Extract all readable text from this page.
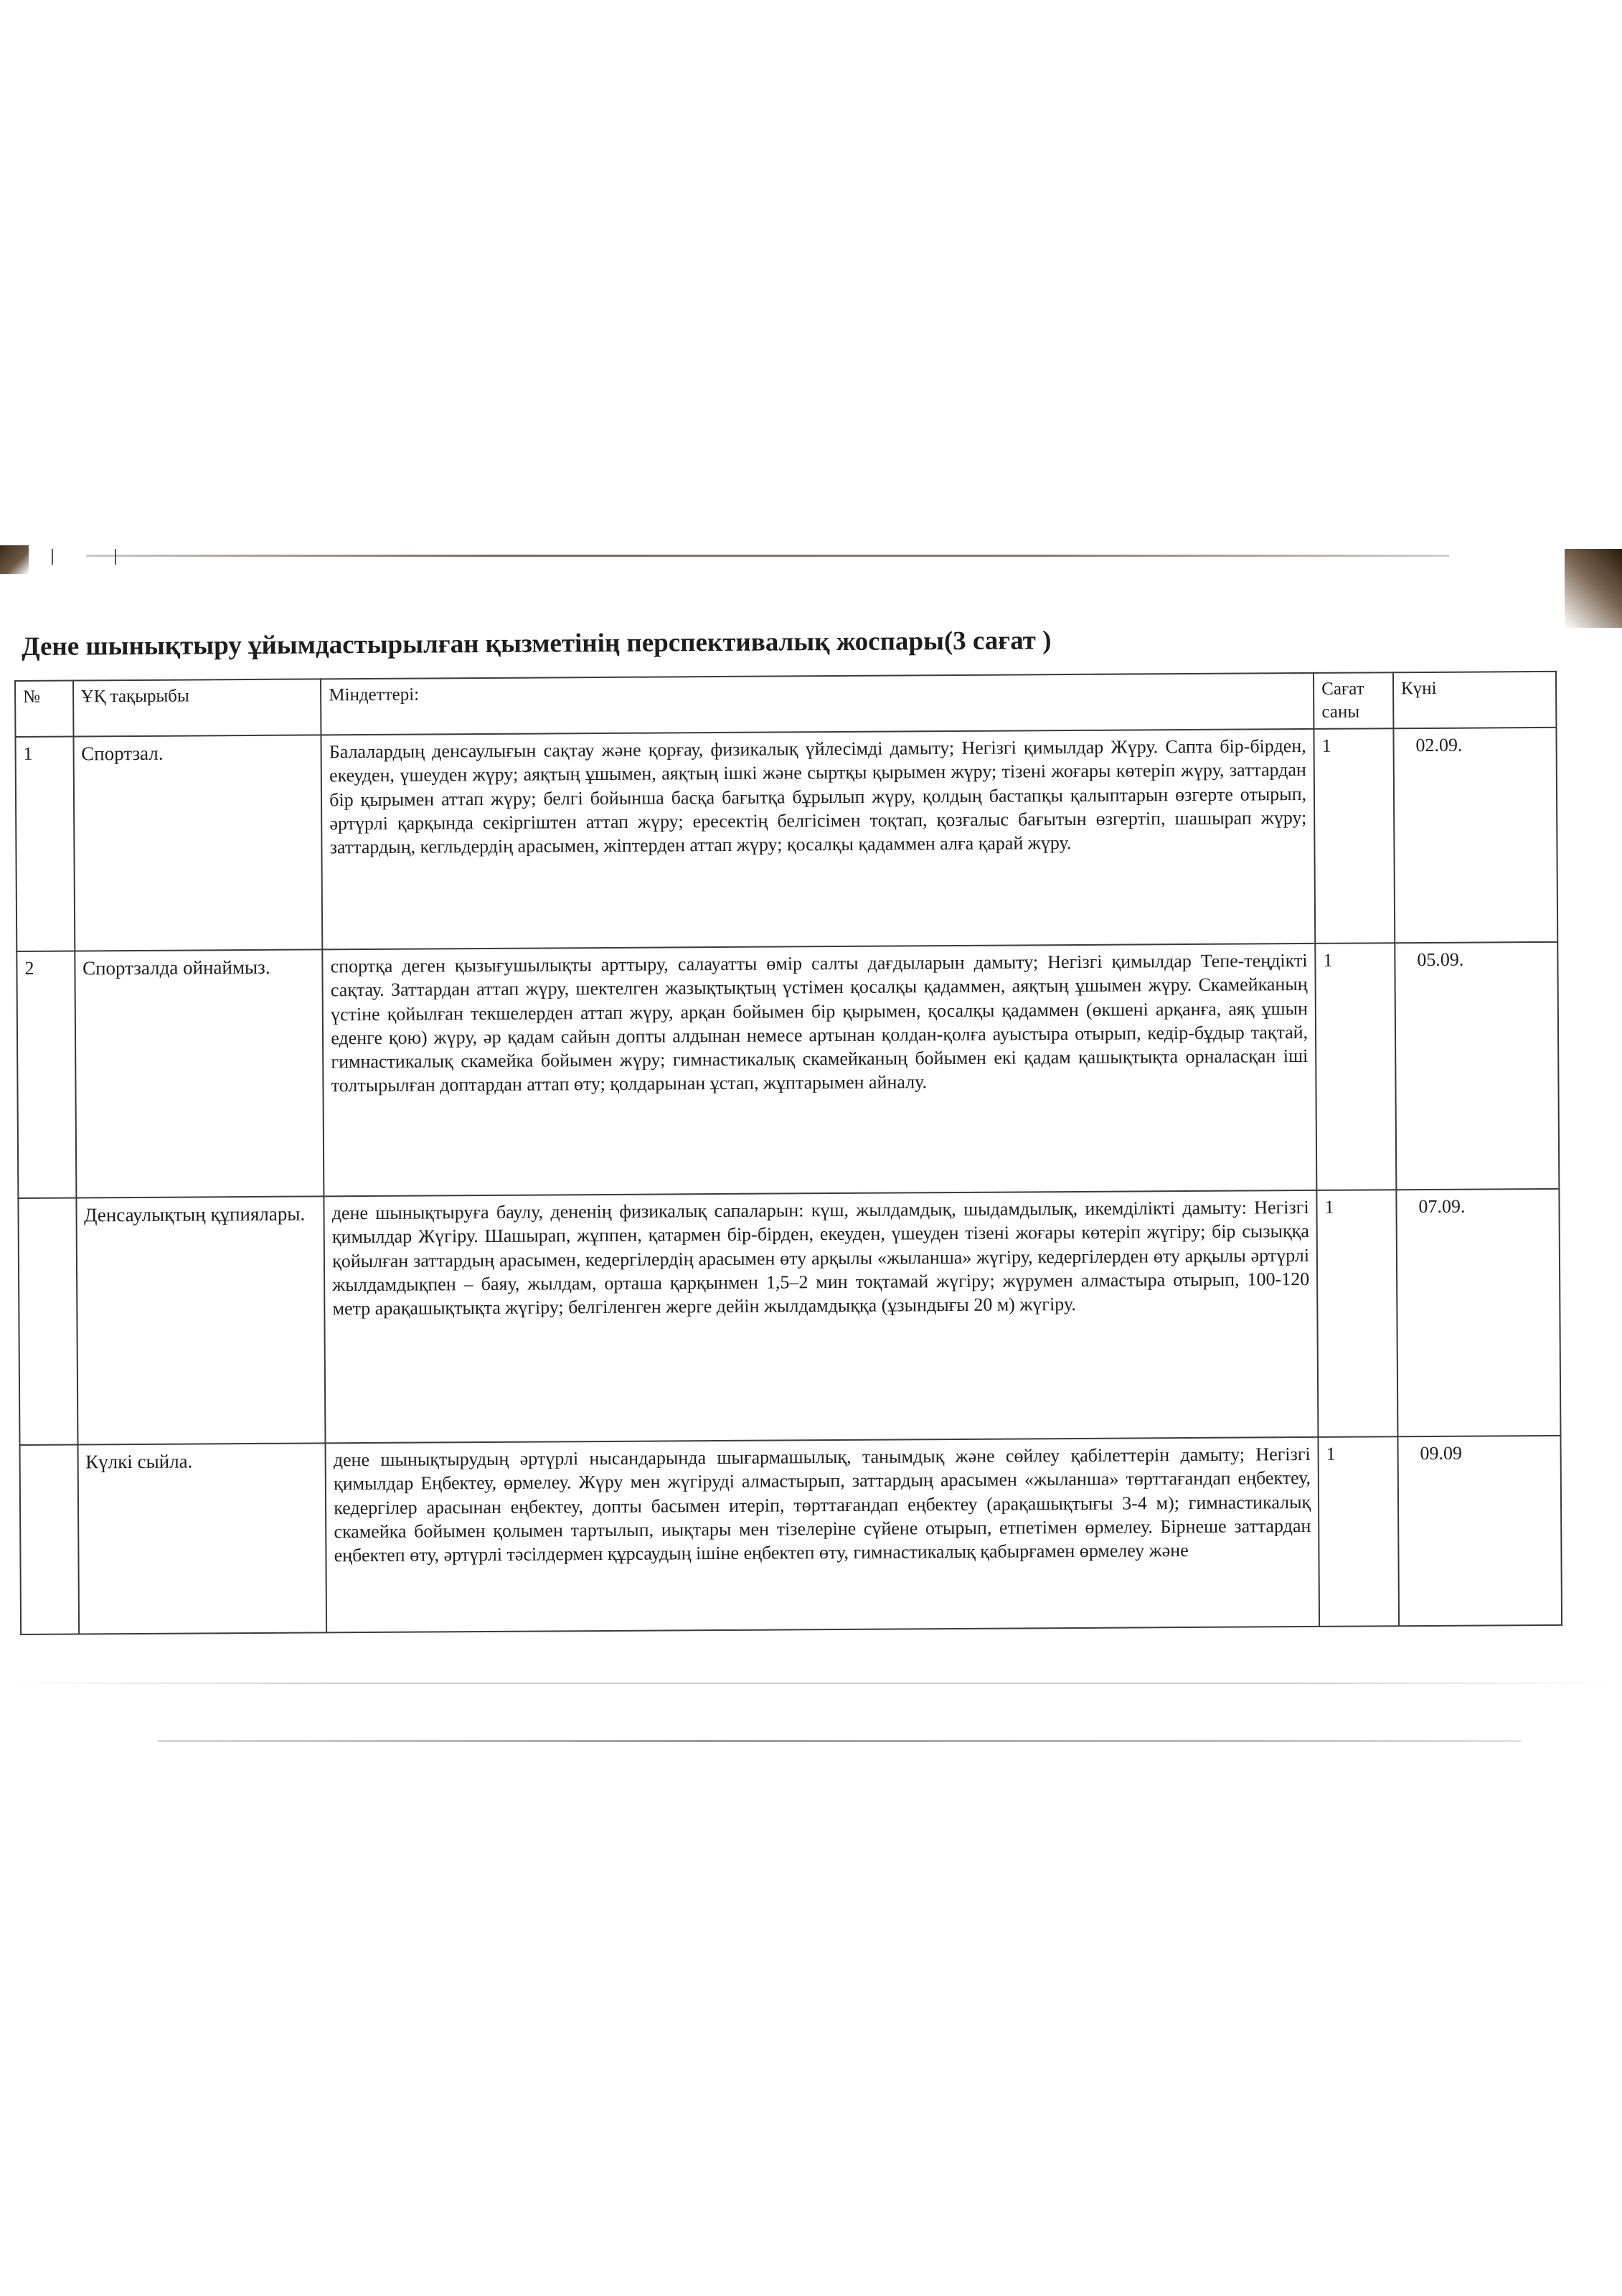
Дене шынықтыру ұйымдастырылған қызметінің перспективалық жоспары(3 сағат )
№	ҰҚ тақырыбы	Міндеттері:	Сағат саны	Күні
1	Спортзал.	Балалардың денсаулығын сақтау және қорғау, физикалық үйлесімді дамыту; Негізгі қимылдар Жүру. Сапта бір-бірден, екеуден, үшеуден жүру; аяқтың ұшымен, аяқтың ішкі және сыртқы қырымен жүру; тізені жоғары көтеріп жүру, заттардан бір қырымен аттап жүру; белгі бойынша басқа бағытқа бұрылып жүру, қолдың бастапқы қалыптарын өзгерте отырып, әртүрлі қарқында секіргіштен аттап жүру; ересектің белгісімен тоқтап, қозғалыс бағытын өзгертіп, шашырап жүру; заттардың, кегльдердің арасымен, жіптерден аттап жүру; қосалқы қадаммен алға қарай жүру.	1	02.09.
2	Спортзалда ойнаймыз.	спортқа деген қызығушылықты арттыру, салауатты өмір салты дағдыларын дамыту; Негізгі қимылдар Тепе-теңдікті сақтау. Заттардан аттап жүру, шектелген жазықтықтың үстімен қосалқы қадаммен, аяқтың ұшымен жүру. Скамейканың үстіне қойылған текшелерден аттап жүру, арқан бойымен бір қырымен, қосалқы қадаммен (өкшені арқанға, аяқ ұшын еденге қою) жүру, әр қадам сайын допты алдынан немесе артынан қолдан-қолға ауыстыра отырып, кедір-бұдыр тақтай, гимнастикалық скамейка бойымен жүру; гимнастикалық скамейканың бойымен екі қадам қашықтықта орналасқан іші толтырылған доптардан аттап өту; қолдарынан ұстап, жұптарымен айналу.	1	05.09.
	Денсаулықтың құпиялары.	дене шынықтыруға баулу, дененің физикалық сапаларын: күш, жылдамдық, шыдамдылық, икемділікті дамыту: Негізгі қимылдар Жүгіру. Шашырап, жұппен, қатармен бір-бірден, екеуден, үшеуден тізені жоғары көтеріп жүгіру; бір сызыққа қойылған заттардың арасымен, кедергілердің арасымен өту арқылы «жыланша» жүгіру, кедергілерден өту арқылы әртүрлі жылдамдықпен – баяу, жылдам, орташа қарқынмен 1,5–2 мин тоқтамай жүгіру; жүрумен алмастыра отырып, 100-120 метр арақашықтықта жүгіру; белгіленген жерге дейін жылдамдыққа (ұзындығы 20 м) жүгіру.	1	07.09.
	Күлкі сыйла.	дене шынықтырудың әртүрлі нысандарында шығармашылық, танымдық және сөйлеу қабілеттерін дамыту; Негізгі қимылдар Еңбектеу, өрмелеу. Жүру мен жүгіруді алмастырып, заттардың арасымен «жыланша» төрттағандап еңбектеу, кедергілер арасынан еңбектеу, допты басымен итеріп, төрттағандап еңбектеу (арақашықтығы 3-4 м); гимнастикалық скамейка бойымен қолымен тартылып, иықтары мен тізелеріне сүйене отырып, етпетімен өрмелеу. Бірнеше заттардан еңбектеп өту, әртүрлі тәсілдермен құрсаудың ішіне еңбектеп өту, гимнастикалық қабырғамен өрмелеу және	1	09.09
